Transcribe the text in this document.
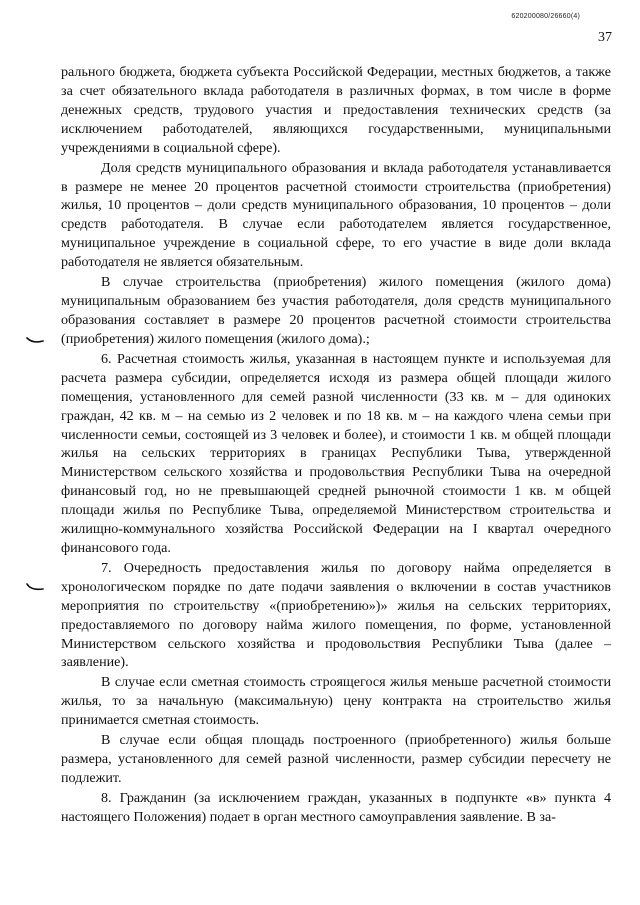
620200080/26660(4)
37

рального бюджета, бюджета субъекта Российской Федерации, местных бюджетов, а также за счет обязательного вклада работодателя в различных формах, в том числе в форме денежных средств, трудового участия и предоставления технических средств (за исключением работодателей, являющихся государственными, муниципальными учреждениями в социальной сфере).

Доля средств муниципального образования и вклада работодателя устанавливается в размере не менее 20 процентов расчетной стоимости строительства (приобретения) жилья, 10 процентов – доли средств муниципального образования, 10 процентов – доли средств работодателя. В случае если работодателем является государственное, муниципальное учреждение в социальной сфере, то его участие в виде доли вклада работодателя не является обязательным.

В случае строительства (приобретения) жилого помещения (жилого дома) муниципальным образованием без участия работодателя, доля средств муниципального образования составляет в размере 20 процентов расчетной стоимости строительства (приобретения) жилого помещения (жилого дома).;

6. Расчетная стоимость жилья, указанная в настоящем пункте и используемая для расчета размера субсидии, определяется исходя из размера общей площади жилого помещения, установленного для семей разной численности (33 кв. м – для одиноких граждан, 42 кв. м – на семью из 2 человек и по 18 кв. м – на каждого члена семьи при численности семьи, состоящей из 3 человек и более), и стоимости 1 кв. м общей площади жилья на сельских территориях в границах Республики Тыва, утвержденной Министерством сельского хозяйства и продовольствия Республики Тыва на очередной финансовый год, но не превышающей средней рыночной стоимости 1 кв. м общей площади жилья по Республике Тыва, определяемой Министерством строительства и жилищно-коммунального хозяйства Российской Федерации на I квартал очередного финансового года.

7. Очередность предоставления жилья по договору найма определяется в хронологическом порядке по дате подачи заявления о включении в состав участников мероприятия по строительству «(приобретению»)» жилья на сельских территориях, предоставляемого по договору найма жилого помещения, по форме, установленной Министерством сельского хозяйства и продовольствия Республики Тыва (далее – заявление).

В случае если сметная стоимость строящегося жилья меньше расчетной стоимости жилья, то за начальную (максимальную) цену контракта на строительство жилья принимается сметная стоимость.

В случае если общая площадь построенного (приобретенного) жилья больше размера, установленного для семей разной численности, размер субсидии пересчету не подлежит.

8. Гражданин (за исключением граждан, указанных в подпункте «в» пункта 4 настоящего Положения) подает в орган местного самоуправления заявление. В за-
